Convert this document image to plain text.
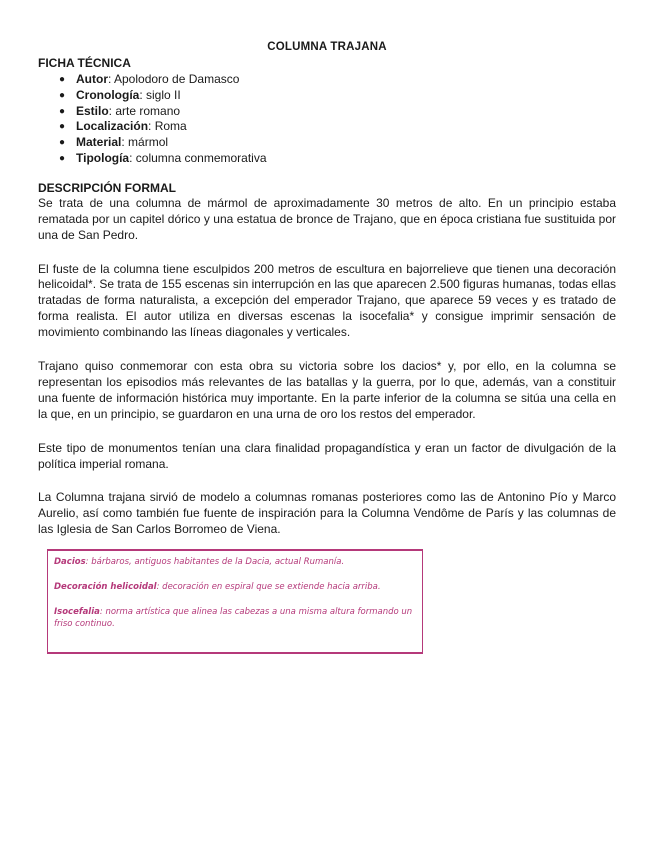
COLUMNA TRAJANA
FICHA TÉCNICA
● Autor: Apolodoro de Damasco
● Cronología: siglo II
● Estilo: arte romano
● Localización: Roma
● Material: mármol
● Tipología: columna conmemorativa
DESCRIPCIÓN FORMAL

Se trata de una columna de mármol de aproximadamente 30 metros de alto. En un principio estaba rematada por un capitel dórico y una estatua de bronce de Trajano, que en época cristiana fue sustituida por una de San Pedro.

El fuste de la columna tiene esculpidos 200 metros de escultura en bajorrelieve que tienen una decoración helicoidal*. Se trata de 155 escenas sin interrupción en las que aparecen 2.500 figuras humanas, todas ellas tratadas de forma naturalista, a excepción del emperador Trajano, que aparece 59 veces y es tratado de forma realista. El autor utiliza en diversas escenas la isocefalia* y consigue imprimir sensación de movimiento combinando las líneas diagonales y verticales.

Trajano quiso conmemorar con esta obra su victoria sobre los dacios* y, por ello, en la columna se representan los episodios más relevantes de las batallas y la guerra, por lo que, además, van a constituir una fuente de información histórica muy importante. En la parte inferior de la columna se sitúa una cella en la que, en un principio, se guardaron en una urna de oro los restos del emperador.

Este tipo de monumentos tenían una clara finalidad propagandística y eran un factor de divulgación de la política imperial romana.

La Columna trajana sirvió de modelo a columnas romanas posteriores como las de Antonino Pío y Marco Aurelio, así como también fue fuente de inspiración para la Columna Vendôme de París y las columnas de las Iglesia de San Carlos Borromeo de Viena.

Dacios: bárbaros, antiguos habitantes de la Dacia, actual Rumanía.
Decoración helicoidal: decoración en espiral que se extiende hacia arriba.
Isocefalia: norma artística que alinea las cabezas a una misma altura formando un friso continuo.
